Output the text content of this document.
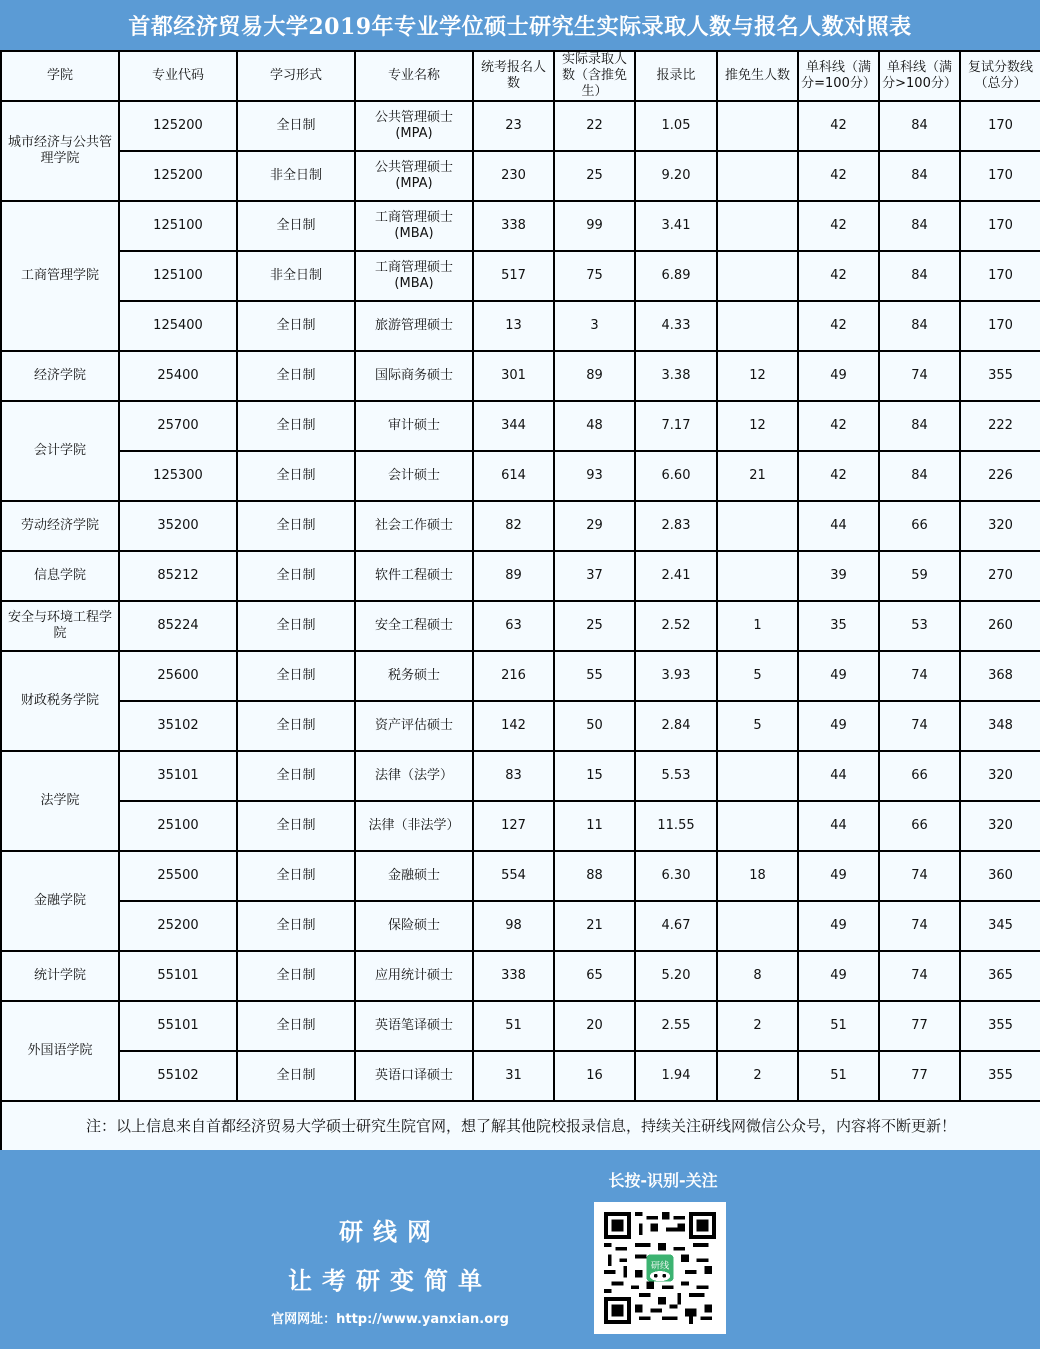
首都经济贸易大学2019年专业学位硕士研究生实际录取人数与报名人数对照表
学院	专业代码	学习形式	专业名称	统考报名人数	实际录取人数（含推免生）	报录比	推免生人数	单科线（满分=100分）	单科线（满分>100分）	复试分数线（总分）
城市经济与公共管理学院	125200	全日制	公共管理硕士(MPA)	23	22	1.05		42	84	170
	125200	非全日制	公共管理硕士(MPA)	230	25	9.20		42	84	170
工商管理学院	125100	全日制	工商管理硕士(MBA)	338	99	3.41		42	84	170
	125100	非全日制	工商管理硕士(MBA)	517	75	6.89		42	84	170
	125400	全日制	旅游管理硕士	13	3	4.33		42	84	170
经济学院	25400	全日制	国际商务硕士	301	89	3.38	12	49	74	355
会计学院	25700	全日制	审计硕士	344	48	7.17	12	42	84	222
	125300	全日制	会计硕士	614	93	6.60	21	42	84	226
劳动经济学院	35200	全日制	社会工作硕士	82	29	2.83		44	66	320
信息学院	85212	全日制	软件工程硕士	89	37	2.41		39	59	270
安全与环境工程学院	85224	全日制	安全工程硕士	63	25	2.52	1	35	53	260
财政税务学院	25600	全日制	税务硕士	216	55	3.93	5	49	74	368
	35102	全日制	资产评估硕士	142	50	2.84	5	49	74	348
法学院	35101	全日制	法律（法学）	83	15	5.53		44	66	320
	25100	全日制	法律（非法学）	127	11	11.55		44	66	320
金融学院	25500	全日制	金融硕士	554	88	6.30	18	49	74	360
	25200	全日制	保险硕士	98	21	4.67		49	74	345
统计学院	55101	全日制	应用统计硕士	338	65	5.20	8	49	74	365
外国语学院	55101	全日制	英语笔译硕士	51	20	2.55	2	51	77	355
	55102	全日制	英语口译硕士	31	16	1.94	2	51	77	355
注：以上信息来自首都经济贸易大学硕士研究生院官网，想了解其他院校报录信息，持续关注研线网微信公众号，内容将不断更新！										
研线网
让考研变简单
官网网址：http://www.yanxian.org
长按-识别-关注
研线
